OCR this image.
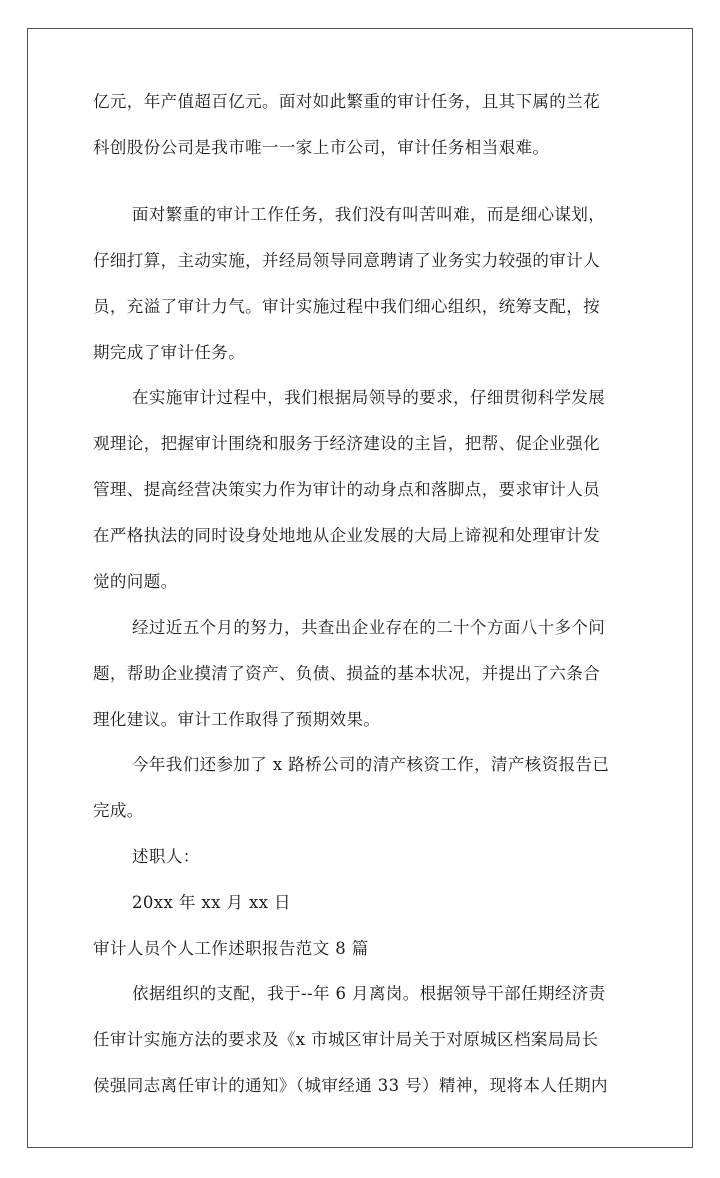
亿元，年产值超百亿元。面对如此繁重的审计任务，且其下属的兰花

科创股份公司是我市唯一一家上市公司，审计任务相当艰难。

面对繁重的审计工作任务，我们没有叫苦叫难，而是细心谋划，

仔细打算，主动实施，并经局领导同意聘请了业务实力较强的审计人

员，充溢了审计力气。审计实施过程中我们细心组织，统筹支配，按

期完成了审计任务。

在实施审计过程中，我们根据局领导的要求，仔细贯彻科学发展

观理论，把握审计围绕和服务于经济建设的主旨，把帮、促企业强化

管理、提高经营决策实力作为审计的动身点和落脚点，要求审计人员

在严格执法的同时设身处地地从企业发展的大局上谛视和处理审计发

觉的问题。

经过近五个月的努力，共查出企业存在的二十个方面八十多个问

题，帮助企业摸清了资产、负债、损益的基本状况，并提出了六条合

理化建议。审计工作取得了预期效果。

今年我们还参加了 x 路桥公司的清产核资工作，清产核资报告已

完成。

述职人：

20xx 年 xx 月 xx 日

审计人员个人工作述职报告范文 8 篇

依据组织的支配，我于--年 6 月离岗。根据领导干部任期经济责

任审计实施方法的要求及《x 市城区审计局关于对原城区档案局局长

侯强同志离任审计的通知》（城审经通 33 号）精神，现将本人任期内
